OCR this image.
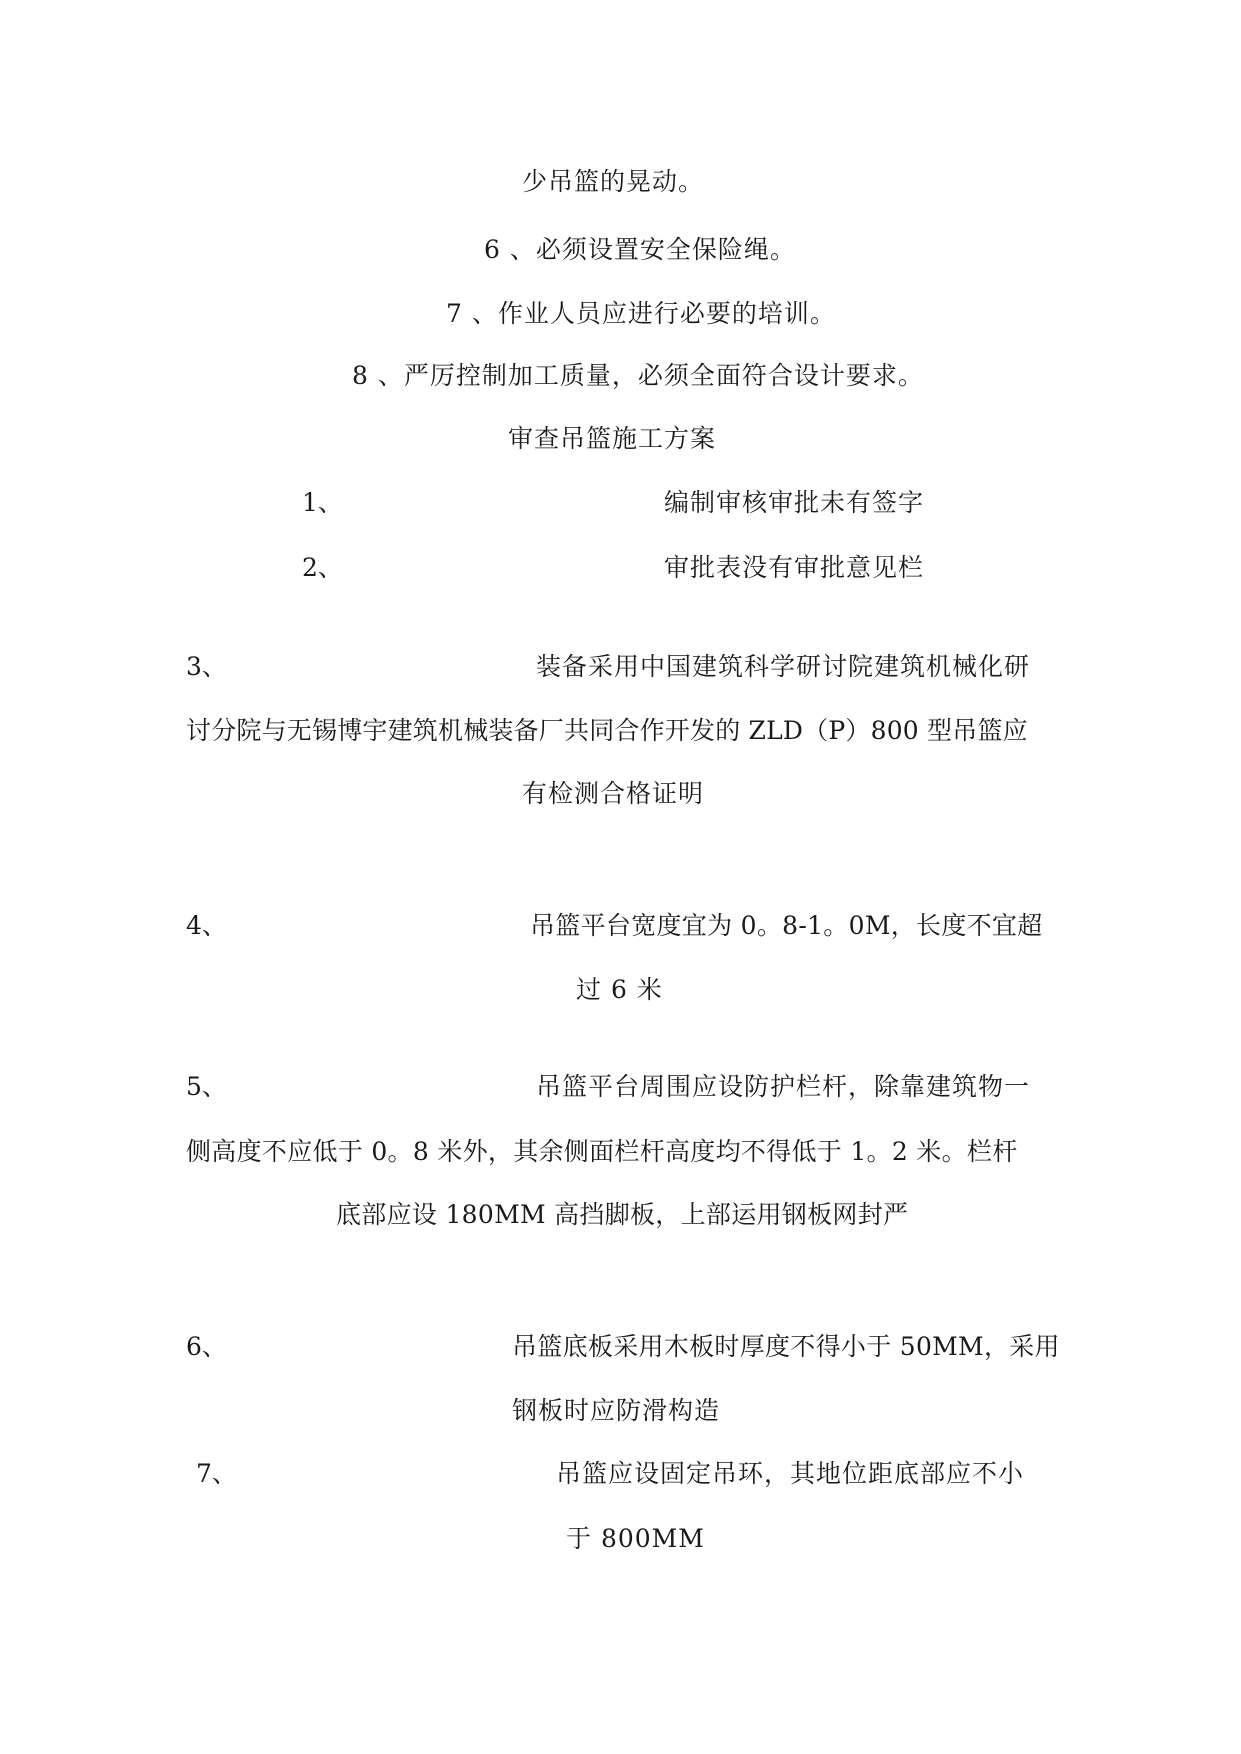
少吊篮的晃动。
6 、必须设置安全保险绳。
7 、作业人员应进行必要的培训。
8 、严厉控制加工质量，必须全面符合设计要求。
审查吊篮施工方案
1、	编制审核审批未有签字
2、	审批表没有审批意见栏
3、	装备采用中国建筑科学研讨院建筑机械化研
讨分院与无锡博宇建筑机械装备厂共同合作开发的 ZLD（P）800 型吊篮应
有检测合格证明
4、	吊篮平台宽度宜为 0。8-1。0M，长度不宜超
过 6 米
5、	吊篮平台周围应设防护栏杆，除靠建筑物一
侧高度不应低于 0。8 米外，其余侧面栏杆高度均不得低于 1。2 米。栏杆
底部应设 180MM 高挡脚板，上部运用钢板网封严
6、	吊篮底板采用木板时厚度不得小于 50MM，采用
钢板时应防滑构造
7、	吊篮应设固定吊环，其地位距底部应不小
于 800MM
